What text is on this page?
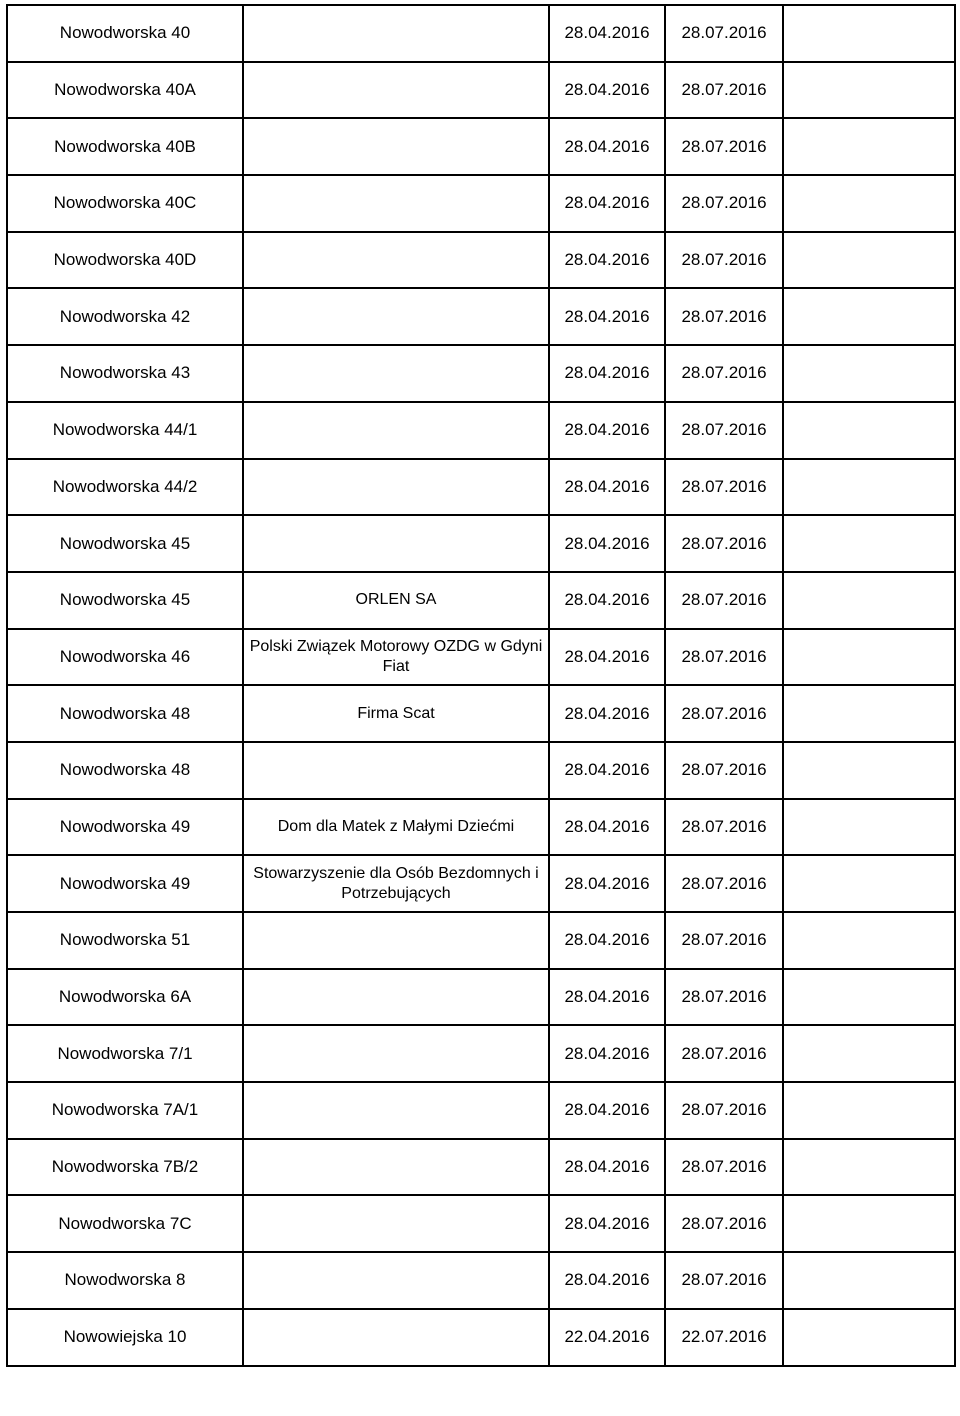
Nowodworska 40		28.04.2016	28.07.2016	
Nowodworska 40A		28.04.2016	28.07.2016	
Nowodworska 40B		28.04.2016	28.07.2016	
Nowodworska 40C		28.04.2016	28.07.2016	
Nowodworska 40D		28.04.2016	28.07.2016	
Nowodworska 42		28.04.2016	28.07.2016	
Nowodworska 43		28.04.2016	28.07.2016	
Nowodworska 44/1		28.04.2016	28.07.2016	
Nowodworska 44/2		28.04.2016	28.07.2016	
Nowodworska 45		28.04.2016	28.07.2016	
Nowodworska 45	ORLEN SA	28.04.2016	28.07.2016	
Nowodworska 46	Polski Związek Motorowy OZDG w Gdyni Fiat	28.04.2016	28.07.2016	
Nowodworska 48	Firma Scat	28.04.2016	28.07.2016	
Nowodworska 48		28.04.2016	28.07.2016	
Nowodworska 49	Dom dla Matek z Małymi Dziećmi	28.04.2016	28.07.2016	
Nowodworska 49	Stowarzyszenie dla Osób Bezdomnych i Potrzebujących	28.04.2016	28.07.2016	
Nowodworska 51		28.04.2016	28.07.2016	
Nowodworska 6A		28.04.2016	28.07.2016	
Nowodworska 7/1		28.04.2016	28.07.2016	
Nowodworska 7A/1		28.04.2016	28.07.2016	
Nowodworska 7B/2		28.04.2016	28.07.2016	
Nowodworska 7C		28.04.2016	28.07.2016	
Nowodworska 8		28.04.2016	28.07.2016	
Nowowiejska 10		22.04.2016	22.07.2016	
